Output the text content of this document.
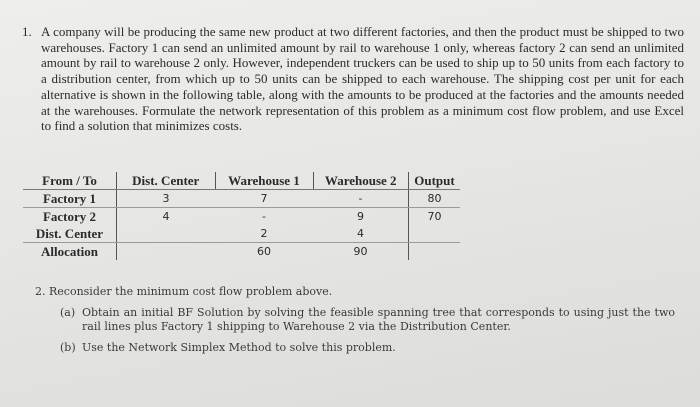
1. A company will be producing the same new product at two different factories, and then the product must be shipped to two warehouses. Factory 1 can send an unlimited amount by rail to warehouse 1 only, whereas factory 2 can send an unlimited amount by rail to warehouse 2 only. However, independent truckers can be used to ship up to 50 units from each factory to a distribution center, from which up to 50 units can be shipped to each warehouse. The shipping cost per unit for each alternative is shown in the following table, along with the amounts to be produced at the factories and the amounts needed at the warehouses. Formulate the network representation of this problem as a minimum cost flow problem, and use Excel to find a solution that minimizes costs.
From / To	Dist. Center	Warehouse 1	Warehouse 2	Output
Factory 1	3	7	-	80
Factory 2	4	-	9	70
Dist. Center		2	4	
Allocation		60	90	
2. Reconsider the minimum cost flow problem above.
(a) Obtain an initial BF Solution by solving the feasible spanning tree that corresponds to using just the two rail lines plus Factory 1 shipping to Warehouse 2 via the Distribution Center.
(b) Use the Network Simplex Method to solve this problem.
